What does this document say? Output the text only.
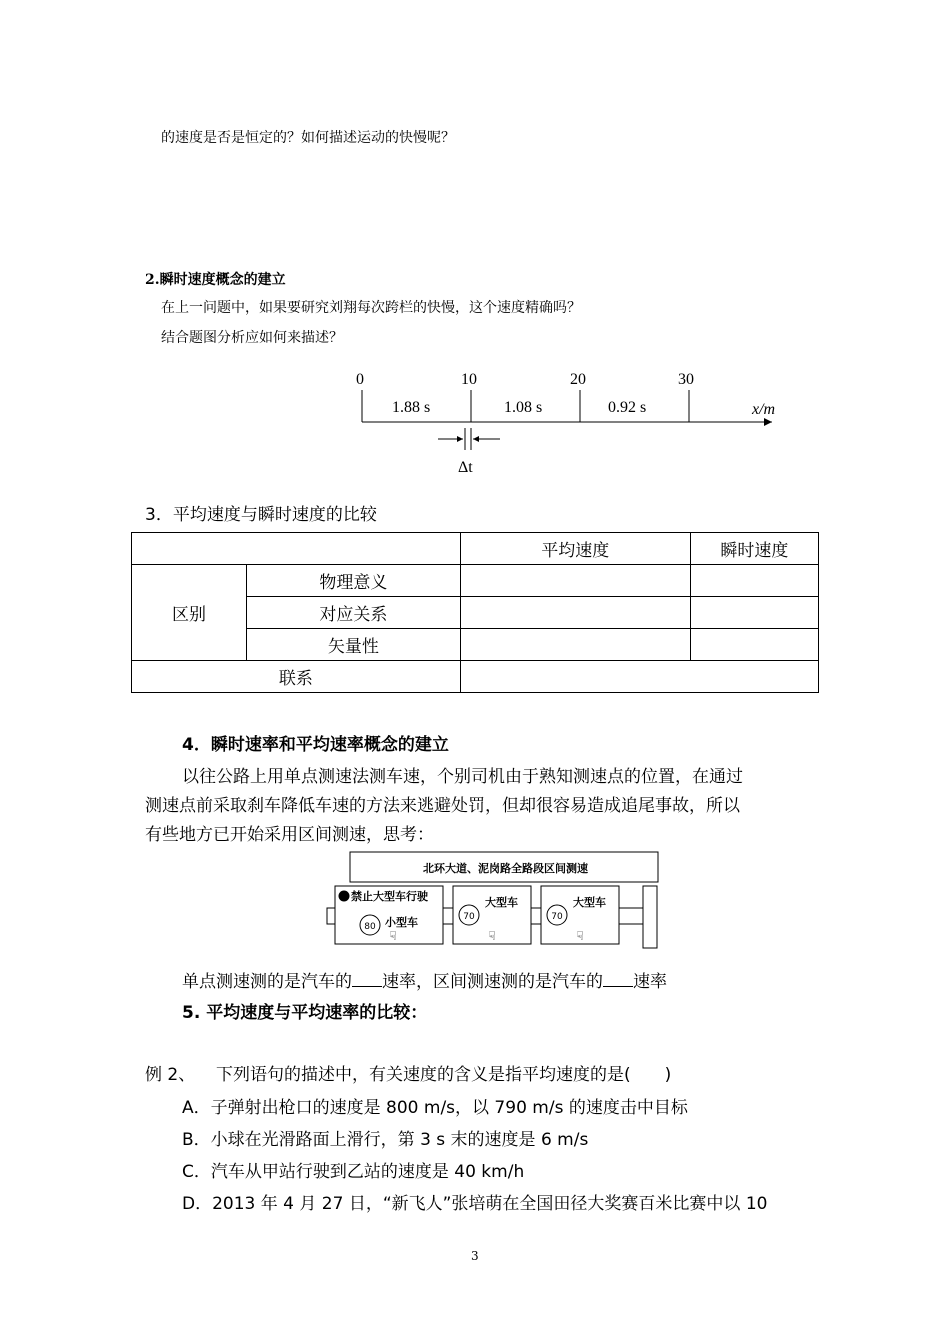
的速度是否是恒定的？如何描述运动的快慢呢？
2.瞬时速度概念的建立
在上一问题中，如果要研究刘翔每次跨栏的快慢，这个速度精确吗？
结合题图分析应如何来描述？
0	10	20	30
1.88 s	1.08 s	0.92 s	x/m
Δt
3．平均速度与瞬时速度的比较
		平均速度	瞬时速度
区别	物理意义		
	对应关系		
	矢量性		
联系			
4．瞬时速率和平均速率概念的建立
以往公路上用单点测速法测车速，个别司机由于熟知测速点的位置，在通过
测速点前采取刹车降低车速的方法来逃避处罚，但却很容易造成追尾事故，所以
有些地方已开始采用区间测速，思考：
北环大道、泥岗路全路段区间测速
禁止大型车行驶
小型车
大型车	大型车
80
70	70
☟	☟	☟
单点测速测的是汽车的 速率，区间测速测的是汽车的 速率
5. 平均速度与平均速率的比较：
例 2、 下列语句的描述中，有关速度的含义是指平均速度的是(　　)
A．子弹射出枪口的速度是 800 m/s，以 790 m/s 的速度击中目标
B．小球在光滑路面上滑行，第 3 s 末的速度是 6 m/s
C．汽车从甲站行驶到乙站的速度是 40 km/h
D．2013 年 4 月 27 日，“新飞人”张培萌在全国田径大奖赛百米比赛中以 10
3
